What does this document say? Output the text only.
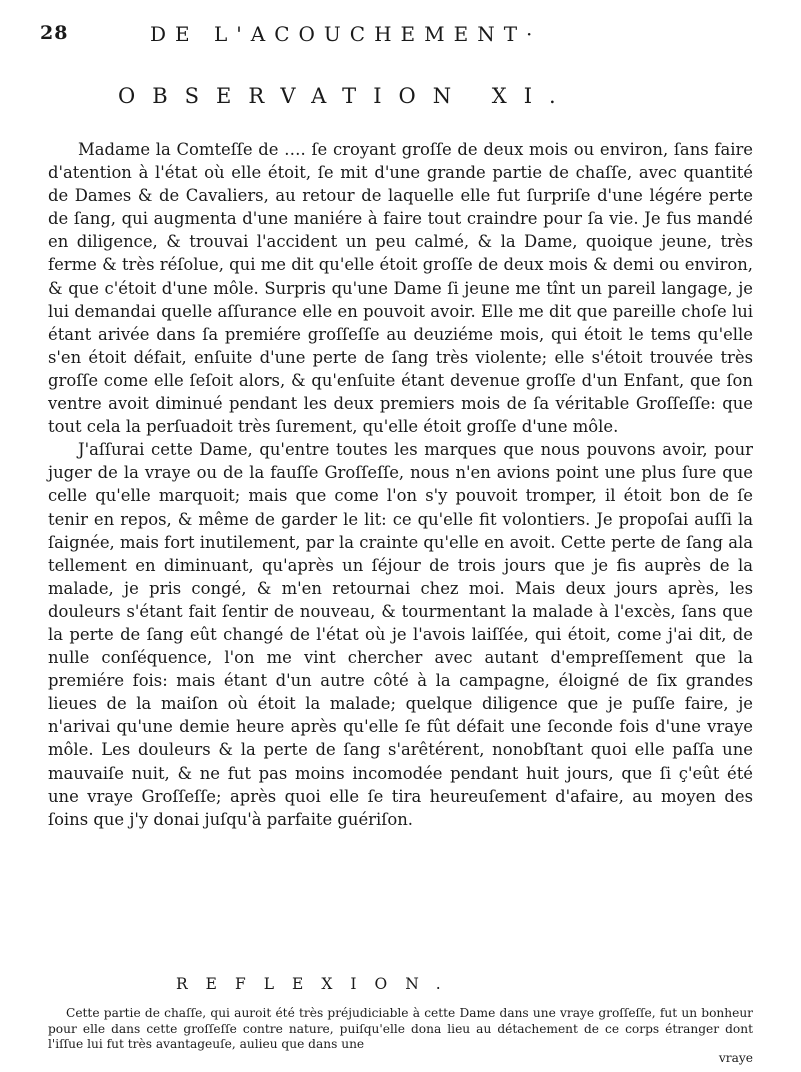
28	DE L'ACOUCHEMENT·
OBSERVATION XI.

Madame la Comteſſe de …. ſe croyant groſſe de deux mois ou environ, ſans faire d'atention à l'état où elle étoit, ſe mit d'une grande partie de chaſſe, avec quantité de Dames & de Cavaliers, au retour de laquelle elle fut ſurpriſe d'une légére perte de ſang, qui augmenta d'une maniére à faire tout craindre pour ſa vie. Je fus mandé en diligence, & trouvai l'accident un peu calmé, & la Dame, quoique jeune, très ferme & très réſolue, qui me dit qu'elle étoit groſſe de deux mois & demi ou environ, & que c'étoit d'une môle. Surpris qu'une Dame ſi jeune me tînt un pareil langage, je lui demandai quelle aſſurance elle en pouvoit avoir. Elle me dit que pareille choſe lui étant arivée dans ſa premiére groſſeſſe au deuziéme mois, qui étoit le tems qu'elle s'en étoit défait, enſuite d'une perte de ſang très violente; elle s'étoit trouvée très groſſe come elle ſeſoit alors, & qu'enſuite étant devenue groſſe d'un Enfant, que ſon ventre avoit diminué pendant les deux premiers mois de ſa véritable Groſſeſſe: que tout cela la perſuadoit très ſurement, qu'elle étoit groſſe d'une môle.

J'aſſurai cette Dame, qu'entre toutes les marques que nous pouvons avoir, pour juger de la vraye ou de la fauſſe Groſſeſſe, nous n'en avions point une plus ſure que celle qu'elle marquoit; mais que come l'on s'y pouvoit tromper, il étoit bon de ſe tenir en repos, & même de garder le lit: ce qu'elle fit volontiers. Je propoſai auſſi la ſaignée, mais fort inutilement, par la crainte qu'elle en avoit. Cette perte de ſang ala tellement en diminuant, qu'après un ſéjour de trois jours que je fis auprès de la malade, je pris congé, & m'en retournai chez moi. Mais deux jours après, les douleurs s'étant fait ſentir de nouveau, & tourmentant la malade à l'excès, ſans que la perte de ſang eût changé de l'état où je l'avois laiſſée, qui étoit, come j'ai dit, de nulle conſéquence, l'on me vint chercher avec autant d'empreſſement que la premiére fois: mais étant d'un autre côté à la campagne, éloigné de ſix grandes lieues de la maiſon où étoit la malade; quelque diligence que je puſſe faire, je n'arivai qu'une demie heure après qu'elle ſe fût défait une ſeconde fois d'une vraye môle. Les douleurs & la perte de ſang s'arêtérent, nonobſtant quoi elle paſſa une mauvaiſe nuit, & ne fut pas moins incomodée pendant huit jours, que ſi ç'eût été une vraye Groſſeſſe; après quoi elle ſe tira heureuſement d'afaire, au moyen des ſoins que j'y donai juſqu'à parfaite guériſon.

REFLEXION.

Cette partie de chaſſe, qui auroit été très préjudiciable à cette Dame dans une vraye groſſeſſe, fut un bonheur pour elle dans cette groſſeſſe contre nature, puiſqu'elle dona lieu au détachement de ce corps étranger dont l'iſſue lui fut très avantageuſe, aulieu que dans une

vraye
